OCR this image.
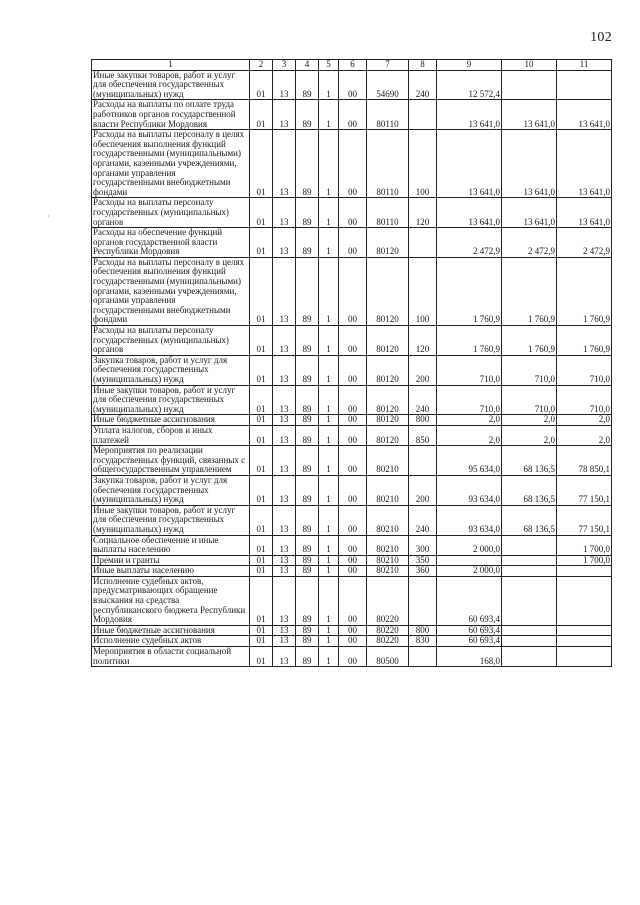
102
1	2	3	4	5	6	7	8	9	10	11
Иные закупки товаров, работ и услуг для обеспечения государственных (муниципальных) нужд	01	13	89	1	00	54690	240	12 572,4		
Расходы на выплаты по оплате труда работников органов государственной власти Республики Мордовия	01	13	89	1	00	80110		13 641,0	13 641,0	13 641,0
Расходы на выплаты персоналу в целях обеспечения выполнения функций государственными (муниципальными) органами, казенными учреждениями, органами управления государственными внебюджетными фондами	01	13	89	1	00	80110	100	13 641,0	13 641,0	13 641,0
Расходы на выплаты персоналу государственных (муниципальных) органов	01	13	89	1	00	80110	120	13 641,0	13 641,0	13 641,0
Расходы на обеспечение функций органов государственной власти Республики Мордовия	01	13	89	1	00	80120		2 472,9	2 472,9	2 472,9
Расходы на выплаты персоналу в целях обеспечения выполнения функций государственными (муниципальными) органами, казенными учреждениями, органами управления государственными внебюджетными фондами	01	13	89	1	00	80120	100	1 760,9	1 760,9	1 760,9
Расходы на выплаты персоналу государственных (муниципальных) органов	01	13	89	1	00	80120	120	1 760,9	1 760,9	1 760,9
Закупка товаров, работ и услуг для обеспечения государственных (муниципальных) нужд	01	13	89	1	00	80120	200	710,0	710,0	710,0
Иные закупки товаров, работ и услуг для обеспечения государственных (муниципальных) нужд	01	13	89	1	00	80120	240	710,0	710,0	710,0
Иные бюджетные ассигнования	01	13	89	1	00	80120	800	2,0	2,0	2,0
Уплата налогов, сборов и иных платежей	01	13	89	1	00	80120	850	2,0	2,0	2,0
Мероприятия по реализации государственных функций, связанных с общегосударственным управлением	01	13	89	1	00	80210		95 634,0	68 136,5	78 850,1
Закупка товаров, работ и услуг для обеспечения государственных (муниципальных) нужд	01	13	89	1	00	80210	200	93 634,0	68 136,5	77 150,1
Иные закупки товаров, работ и услуг для обеспечения государственных (муниципальных) нужд	01	13	89	1	00	80210	240	93 634,0	68 136,5	77 150,1
Социальное обеспечение и иные выплаты населению	01	13	89	1	00	80210	300	2 000,0		1 700,0
Премии и гранты	01	13	89	1	00	80210	350			1 700,0
Иные выплаты населению	01	13	89	1	00	80210	360	2 000,0		
Исполнение судебных актов, предусматривающих обращение взыскания на средства республиканского бюджета Республики Мордовия	01	13	89	1	00	80220		60 693,4		
Иные бюджетные ассигнования	01	13	89	1	00	80220	800	60 693,4		
Исполнение судебных актов	01	13	89	1	00	80220	830	60 693,4		
Мероприятия в области социальной политики	01	13	89	1	00	80500		168,0		
·
